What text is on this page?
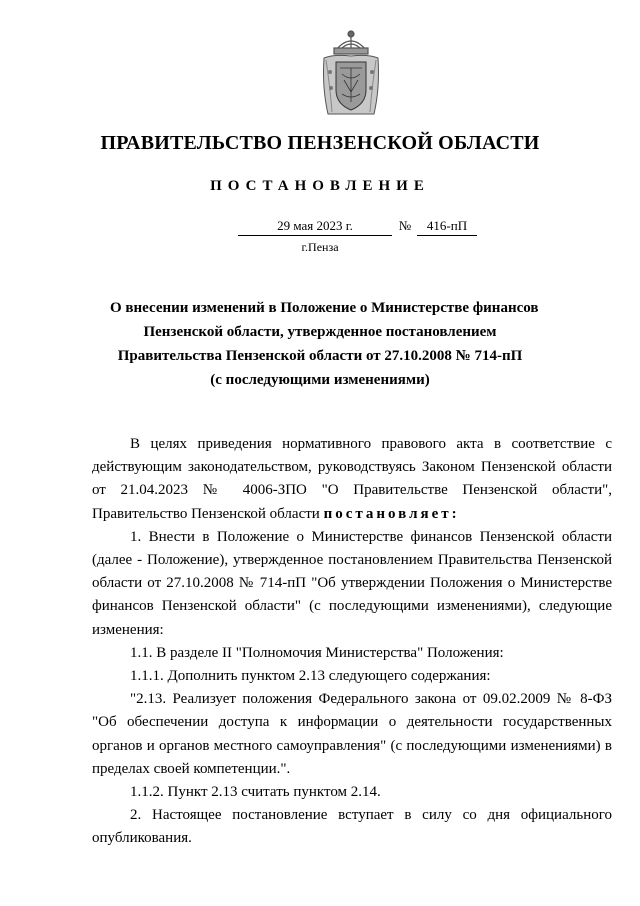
ПРАВИТЕЛЬСТВО ПЕНЗЕНСКОЙ ОБЛАСТИ
ПОСТАНОВЛЕНИЕ
29 мая 2023 г.	№	416-пП
г.Пенза
О внесении изменений в Положение о Министерстве финансов
Пензенской области, утвержденное постановлением
Правительства Пензенской области от 27.10.2008 № 714-пП
(с последующими изменениями)

В целях приведения нормативного правового акта в соответствие с действующим законодательством, руководствуясь Законом Пензенской области от 21.04.2023 № 4006-ЗПО "О Правительстве Пензенской области", Правительство Пензенской области постановляет:

1. Внести в Положение о Министерстве финансов Пензенской области (далее - Положение), утвержденное постановлением Правительства Пензенской области от 27.10.2008 № 714-пП "Об утверждении Положения о Министерстве финансов Пензенской области" (с последующими изменениями), следующие изменения:

1.1. В разделе II "Полномочия Министерства" Положения:

1.1.1. Дополнить пунктом 2.13 следующего содержания:

"2.13. Реализует положения Федерального закона от 09.02.2009 № 8-ФЗ "Об обеспечении доступа к информации о деятельности государственных органов и органов местного самоуправления" (с последующими изменениями) в пределах своей компетенции.".

1.1.2. Пункт 2.13 считать пунктом 2.14.

2. Настоящее постановление вступает в силу со дня официального опубликования.
